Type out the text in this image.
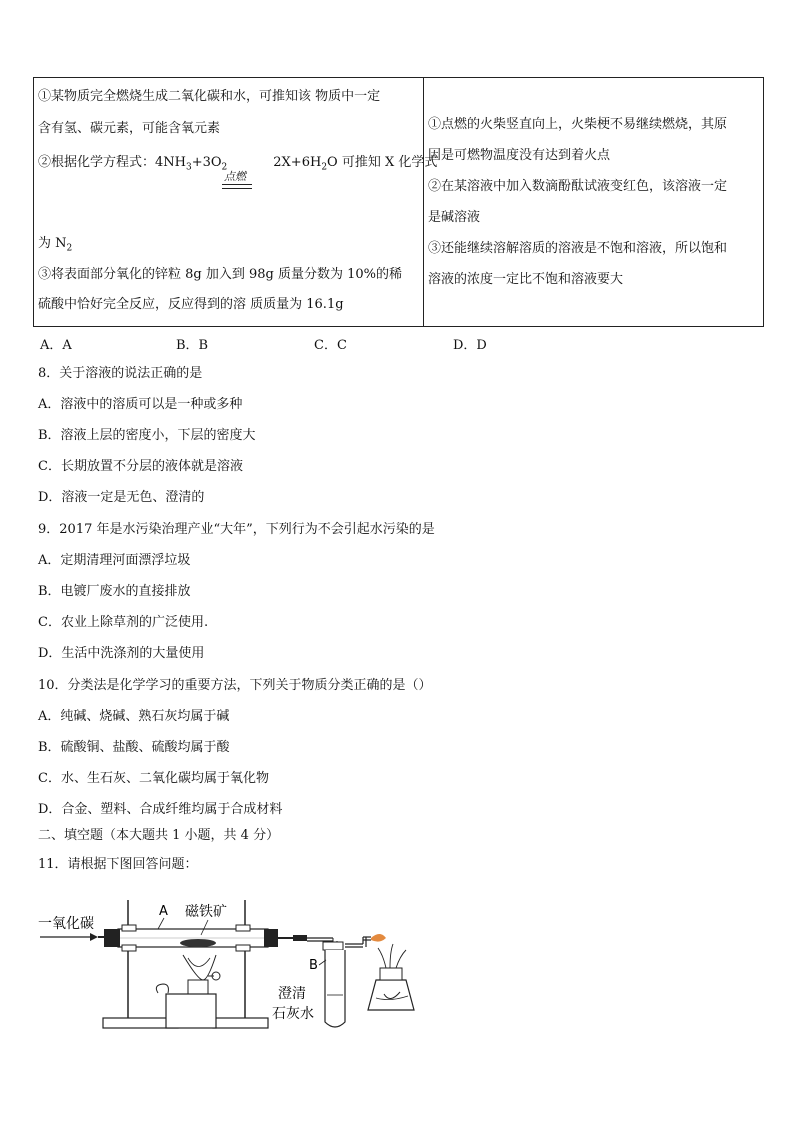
①某物质完全燃烧生成二氧化碳和水，可推知该 物质中一定
含有氢、碳元素，可能含氧元素
②根据化学方程式：$4NH_3+3O_2$	$2X+6H_2O$ 可推知 X 化学式
点燃
为 $N_2$
③将表面部分氧化的锌粒 8g 加入到 98g 质量分数为 10%的稀
硫酸中恰好完全反应，反应得到的溶 质质量为 16.1g

①点燃的火柴竖直向上，火柴梗不易继续燃烧，其原
因是可燃物温度没有达到着火点
②在某溶液中加入数滴酚酞试液变红色，该溶液一定
是碱溶液
③还能继续溶解溶质的溶液是不饱和溶液，所以饱和
溶液的浓度一定比不饱和溶液要大
A．A	B．B	C．C	D．D
8．关于溶液的说法正确的是
A．溶液中的溶质可以是一种或多种
B．溶液上层的密度小，下层的密度大
C．长期放置不分层的液体就是溶液
D．溶液一定是无色、澄清的
9．2017 年是水污染治理产业“大年”，下列行为不会引起水污染的是
A．定期清理河面漂浮垃圾
B．电镀厂废水的直接排放
C．农业上除草剂的广泛使用.
D．生活中洗涤剂的大量使用
10．分类法是化学学习的重要方法，下列关于物质分类正确的是（）
A．纯碱、烧碱、熟石灰均属于碱
B．硫酸铜、盐酸、硫酸均属于酸
C．水、生石灰、二氧化碳均属于氧化物
D．合金、塑料、合成纤维均属于合成材料
二、填空题（本大题共 1 小题，共 4 分）
11．请根据下图回答问题：
一氧化碳
A 磁铁矿
B
澄清
石灰水
